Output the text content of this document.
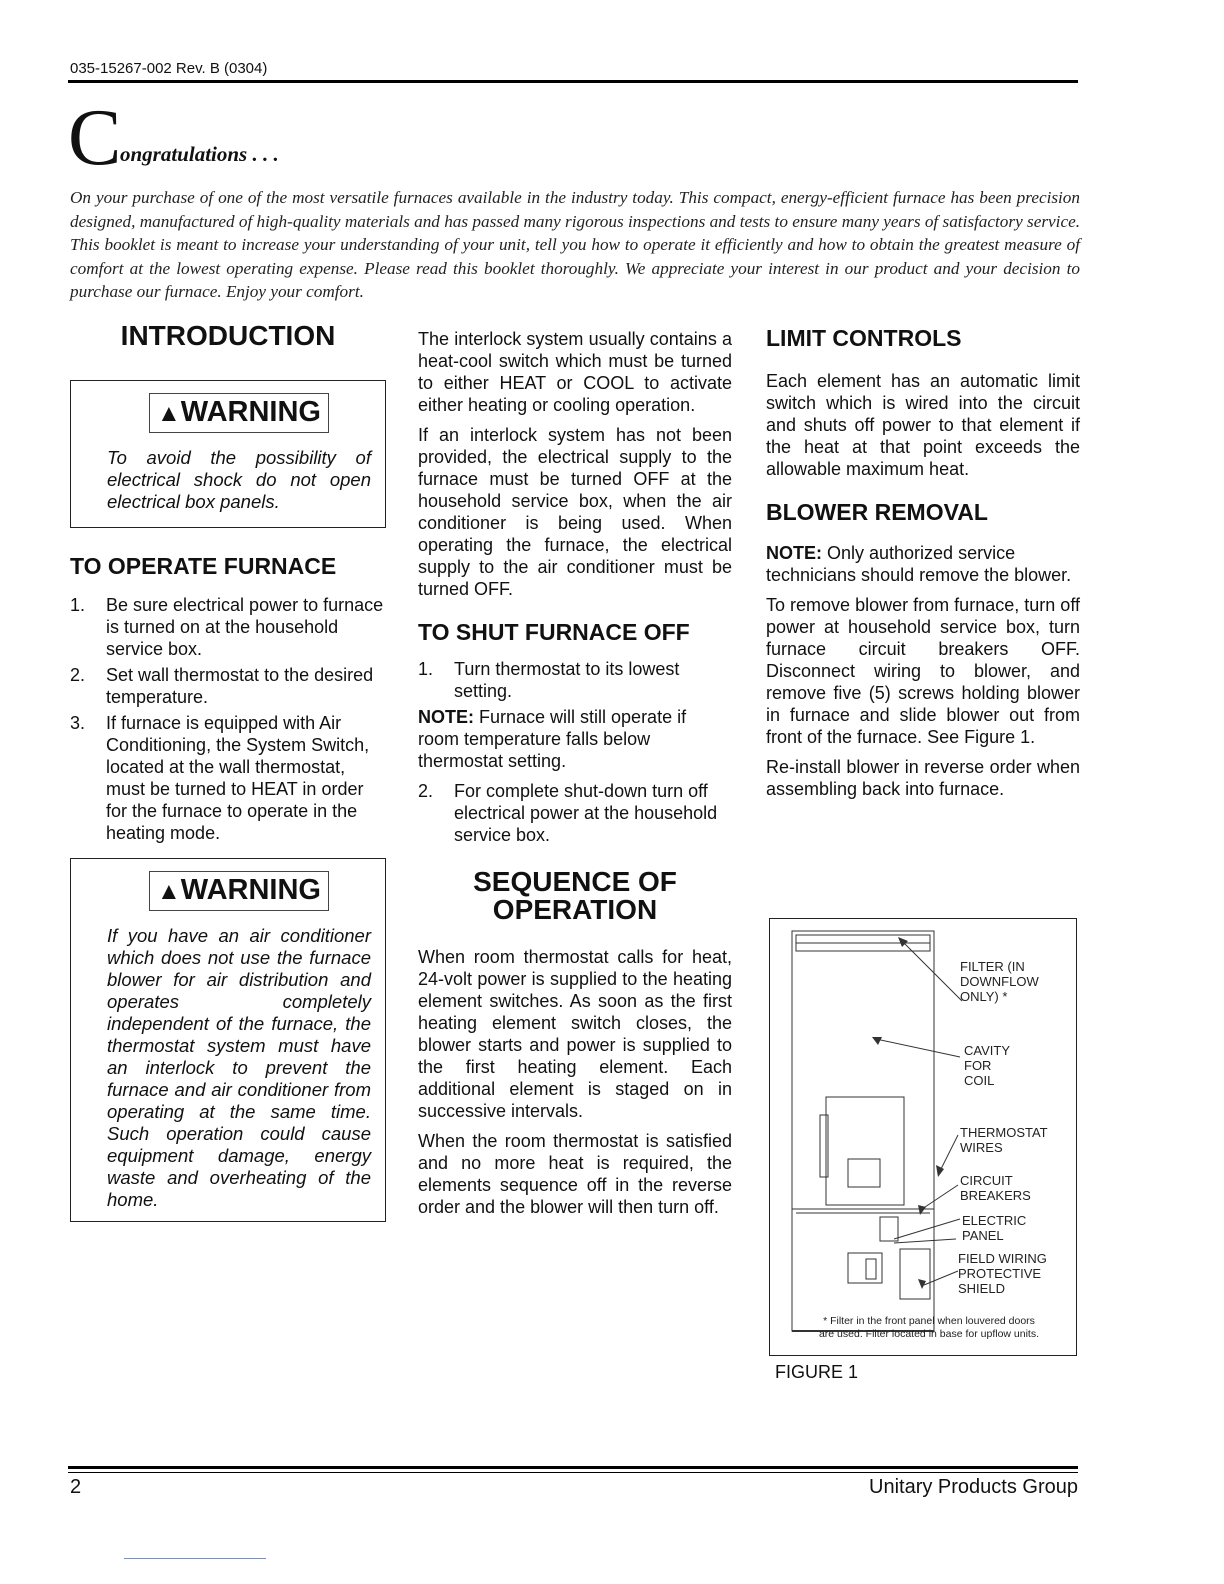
035-15267-002 Rev. B (0304)
C
ongratulations . . .
On your purchase of one of the most versatile furnaces available in the industry today. This compact, energy-efficient furnace has been precision designed, manufactured of high-quality materials and has passed many rigorous inspections and tests to ensure many years of satisfactory service. This booklet is meant to increase your understanding of your unit, tell you how to operate it efficiently and how to obtain the greatest measure of comfort at the lowest operating expense. Please read this booklet thoroughly. We appreciate your interest in our product and your decision to purchase our furnace. Enjoy your comfort.
INTRODUCTION
▲WARNING
To avoid the possibility of electrical shock do not open electrical box panels.
TO OPERATE FURNACE
1. Be sure electrical power to furnace is turned on at the household service box.
2. Set wall thermostat to the desired temperature.
3. If furnace is equipped with Air Conditioning, the System Switch, located at the wall thermostat, must be turned to HEAT in order for the furnace to operate in the heating mode.
▲WARNING
If you have an air conditioner which does not use the furnace blower for air distribution and operates completely independent of the furnace, the thermostat system must have an interlock to prevent the furnace and air conditioner from operating at the same time. Such operation could cause equipment damage, energy waste and overheating of the home.

The interlock system usually contains a heat-cool switch which must be turned to either HEAT or COOL to activate either heating or cooling operation.

If an interlock system has not been provided, the electrical supply to the furnace must be turned OFF at the household service box, when the air conditioner is being used. When operating the furnace, the electrical supply to the air conditioner must be turned OFF.

TO SHUT FURNACE OFF
1. Turn thermostat to its lowest setting.

NOTE: Furnace will still operate if room temperature falls below thermostat setting.

2. For complete shut-down turn off electrical power at the household service box.
SEQUENCE OF
OPERATION

When room thermostat calls for heat, 24-volt power is supplied to the heating element switches. As soon as the first heating element switch closes, the blower starts and power is supplied to the first heating element. Each additional element is staged on in successive intervals.

When the room thermostat is satisfied and no more heat is required, the elements sequence off in the reverse order and the blower will then turn off.

LIMIT CONTROLS

Each element has an automatic limit switch which is wired into the circuit and shuts off power to that element if the heat at that point exceeds the allowable maximum heat.

BLOWER REMOVAL

NOTE: Only authorized service technicians should remove the blower.

To remove blower from furnace, turn off power at household service box, turn furnace circuit breakers OFF. Disconnect wiring to blower, and remove five (5) screws holding blower in furnace and slide blower out from front of the furnace. See Figure 1.

Re-install blower in reverse order when assembling back into furnace.

FILTER (IN
DOWNFLOW
ONLY) *
CAVITY
FOR
COIL
THERMOSTAT
WIRES
CIRCUIT
BREAKERS
ELECTRIC
PANEL
FIELD WIRING
PROTECTIVE
SHIELD
* Filter in the front panel when louvered doors
are used. Filter located in base for upflow units.
FIGURE 1
2	Unitary Products Group
